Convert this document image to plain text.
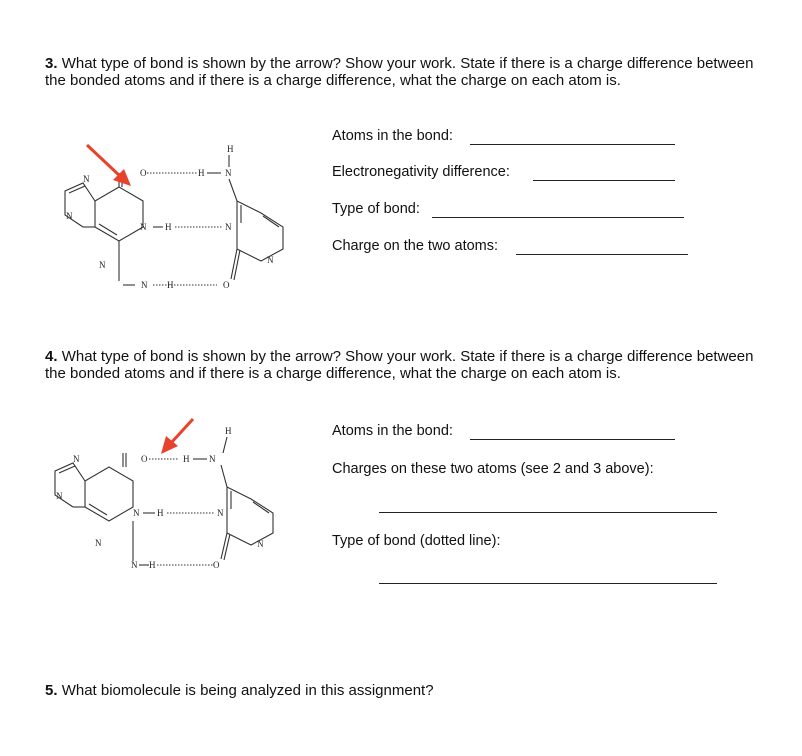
3. What type of bond is shown by the arrow? Show your work. State if there is a charge difference between the bonded atoms and if there is a charge difference, what the charge on each atom is.
N
N
N
O
N H
N H
H N
H
N
N
O
Atoms in the bond:
Electronegativity difference:
Type of bond:
Charge on the two atoms:
4. What type of bond is shown by the arrow? Show your work. State if there is a charge difference between the bonded atoms and if there is a charge difference, what the charge on each atom is.
N
N
N
O
N H
N H
H N
H
N
N
O
Atoms in the bond:
Charges on these two atoms (see 2 and 3 above):
Type of bond (dotted line):
5. What biomolecule is being analyzed in this assignment?
